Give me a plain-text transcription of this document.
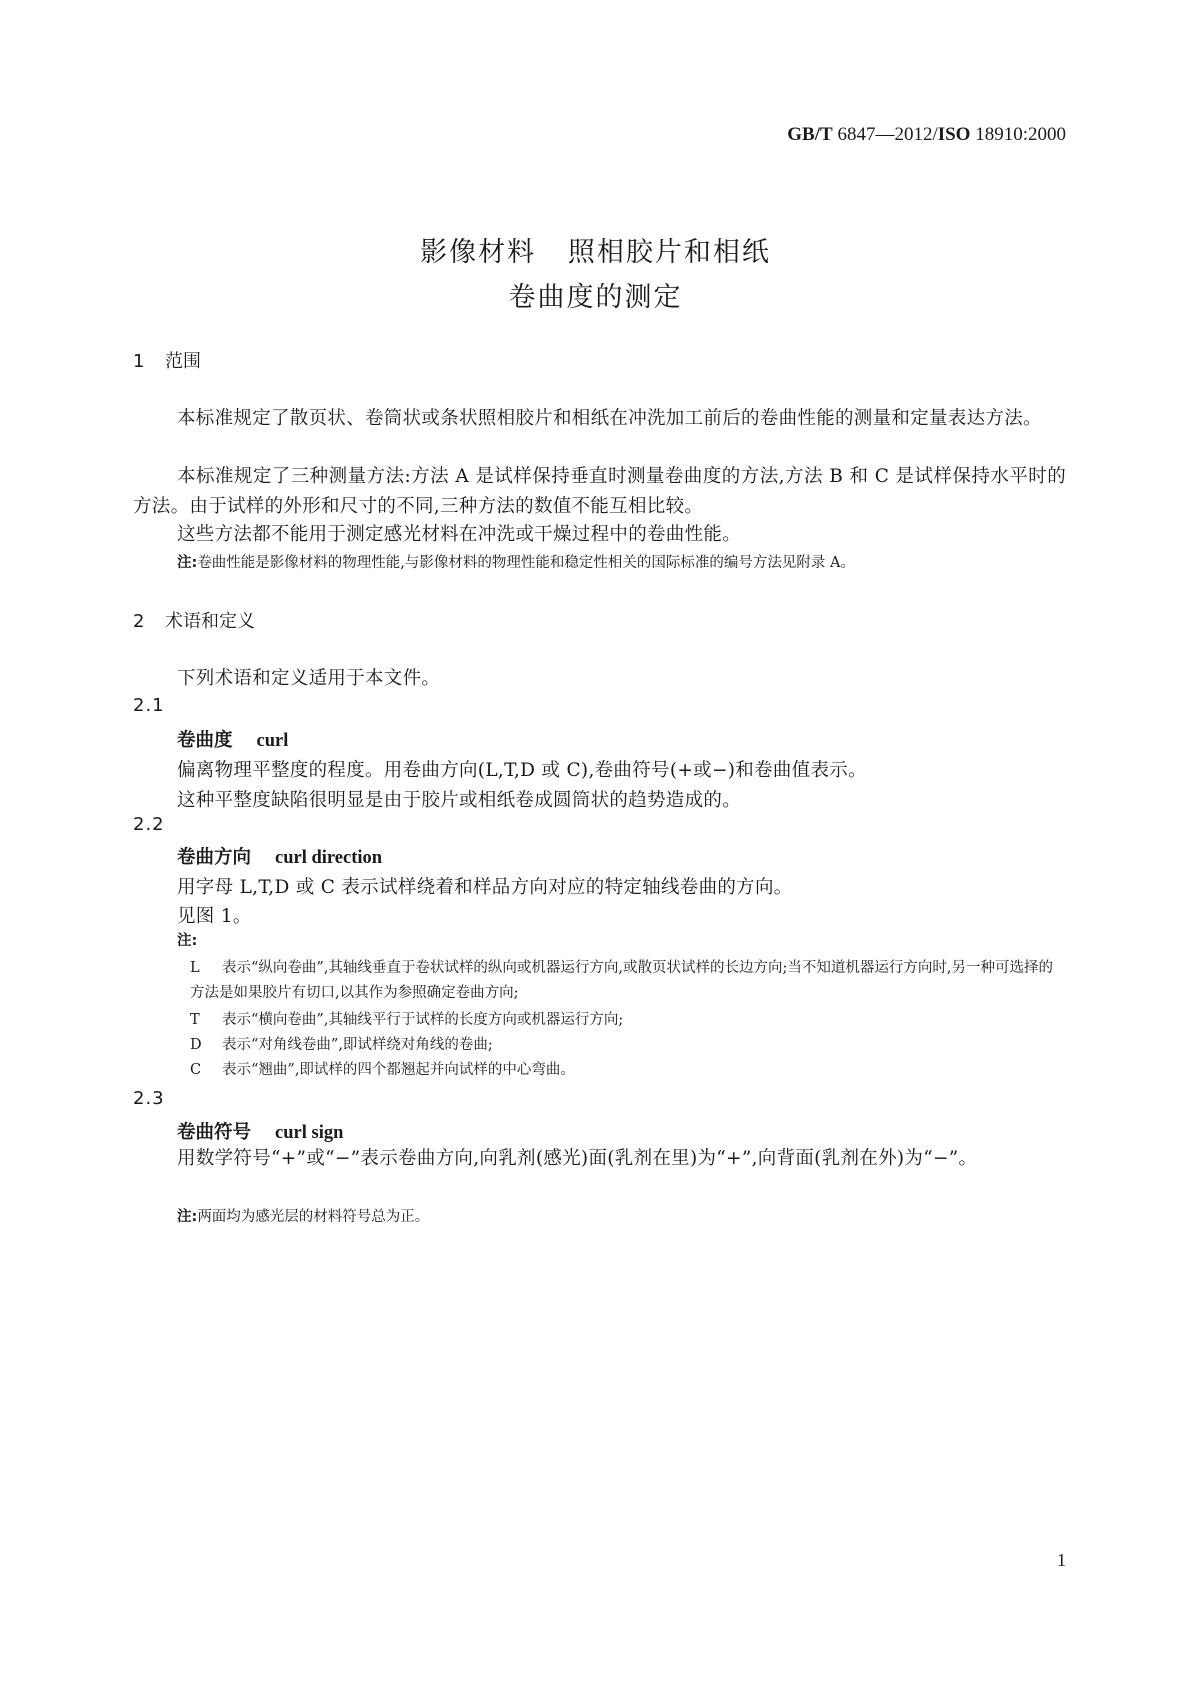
GB/T 6847—2012/ISO 18910:2000
影像材料   照相胶片和相纸
卷曲度的测定
1 范围
本标准规定了散页状、卷筒状或条状照相胶片和相纸在冲洗加工前后的卷曲性能的测量和定量表达方法。
本标准规定了三种测量方法:方法 A 是试样保持垂直时测量卷曲度的方法,方法 B 和 C 是试样保持水平时的方法。由于试样的外形和尺寸的不同,三种方法的数值不能互相比较。
这些方法都不能用于测定感光材料在冲洗或干燥过程中的卷曲性能。
注:卷曲性能是影像材料的物理性能,与影像材料的物理性能和稳定性相关的国际标准的编号方法见附录 A。
2 术语和定义
下列术语和定义适用于本文件。
2.1
卷曲度 curl
偏离物理平整度的程度。用卷曲方向(L,T,D 或 C),卷曲符号(+或−)和卷曲值表示。
这种平整度缺陷很明显是由于胶片或相纸卷成圆筒状的趋势造成的。
2.2
卷曲方向 curl direction
用字母 L,T,D 或 C 表示试样绕着和样品方向对应的特定轴线卷曲的方向。
见图 1。
注:
L 表示“纵向卷曲”,其轴线垂直于卷状试样的纵向或机器运行方向,或散页状试样的长边方向;当不知道机器运行方向时,另一种可选择的方法是如果胶片有切口,以其作为参照确定卷曲方向;
T 表示“横向卷曲”,其轴线平行于试样的长度方向或机器运行方向;
D 表示“对角线卷曲”,即试样绕对角线的卷曲;
C 表示“翘曲”,即试样的四个都翘起并向试样的中心弯曲。
2.3
卷曲符号 curl sign
用数学符号“+”或“−”表示卷曲方向,向乳剂(感光)面(乳剂在里)为“+”,向背面(乳剂在外)为“−”。
注:两面均为感光层的材料符号总为正。
1
